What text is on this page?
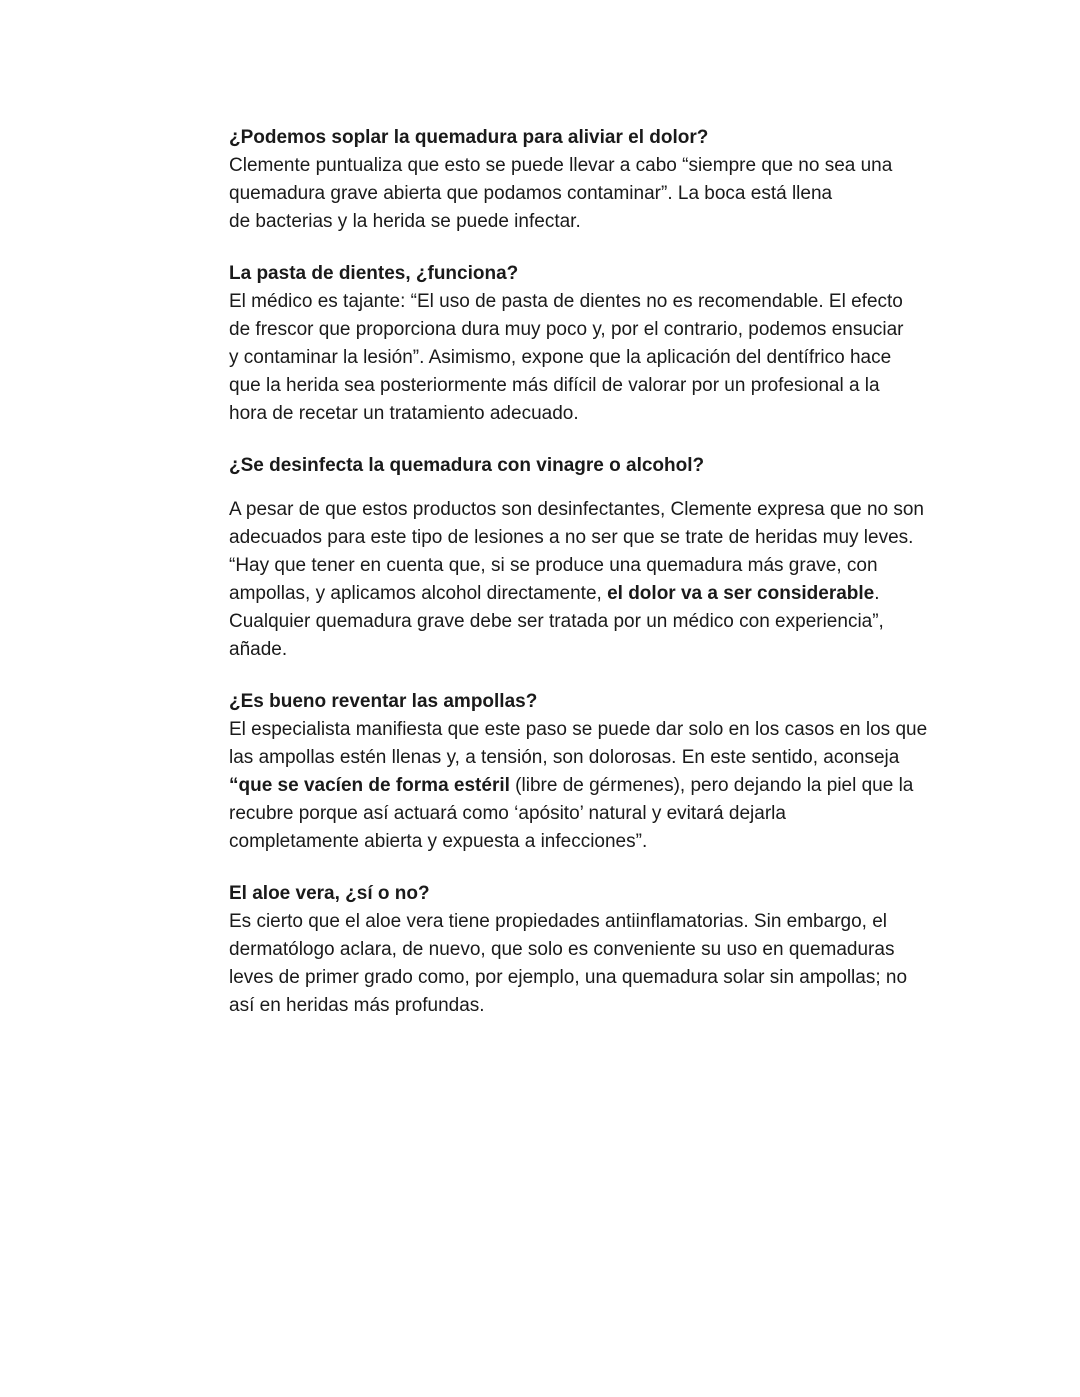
¿Podemos soplar la quemadura para aliviar el dolor?

Clemente puntualiza que esto se puede llevar a cabo “siempre que no sea una
quemadura grave abierta que podamos contaminar”. La boca está llena
de bacterias y la herida se puede infectar.

La pasta de dientes, ¿funciona?

El médico es tajante: “El uso de pasta de dientes no es recomendable. El efecto
de frescor que proporciona dura muy poco y, por el contrario, podemos ensuciar
y contaminar la lesión”. Asimismo, expone que la aplicación del dentífrico hace
que la herida sea posteriormente más difícil de valorar por un profesional a la
hora de recetar un tratamiento adecuado.

¿Se desinfecta la quemadura con vinagre o alcohol?

A pesar de que estos productos son desinfectantes, Clemente expresa que no son
adecuados para este tipo de lesiones a no ser que se trate de heridas muy leves.
“Hay que tener en cuenta que, si se produce una quemadura más grave, con
ampollas, y aplicamos alcohol directamente, el dolor va a ser considerable.
Cualquier quemadura grave debe ser tratada por un médico con experiencia”,
añade.

¿Es bueno reventar las ampollas?

El especialista manifiesta que este paso se puede dar solo en los casos en los que
las ampollas estén llenas y, a tensión, son dolorosas. En este sentido, aconseja
“que se vacíen de forma estéril (libre de gérmenes), pero dejando la piel que la
recubre porque así actuará como ‘apósito’ natural y evitará dejarla
completamente abierta y expuesta a infecciones”.

El aloe vera, ¿sí o no?

Es cierto que el aloe vera tiene propiedades antiinflamatorias. Sin embargo, el
dermatólogo aclara, de nuevo, que solo es conveniente su uso en quemaduras
leves de primer grado como, por ejemplo, una quemadura solar sin ampollas; no
así en heridas más profundas.
